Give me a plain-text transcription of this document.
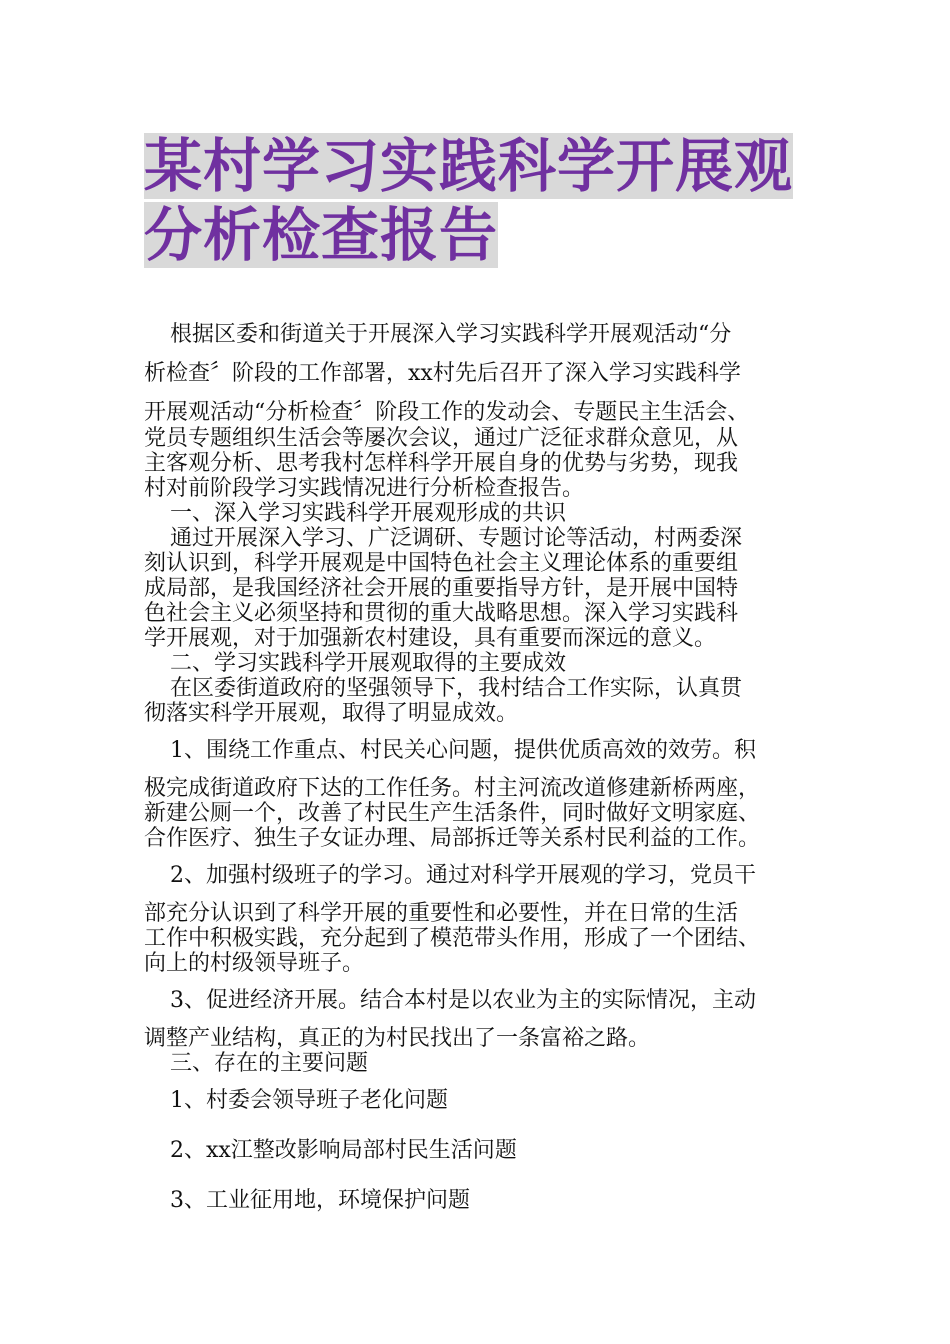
某村学习实践科学开展观
分析检查报告
根据区委和街道关于开展深入学习实践科学开展观活动“分
析检查〞阶段的工作部署，xx村先后召开了深入学习实践科学
开展观活动“分析检查〞阶段工作的发动会、专题民主生活会、
党员专题组织生活会等屡次会议，通过广泛征求群众意见，从
主客观分析、思考我村怎样科学开展自身的优势与劣势，现我
村对前阶段学习实践情况进行分析检查报告。
一、深入学习实践科学开展观形成的共识
通过开展深入学习、广泛调研、专题讨论等活动，村两委深
刻认识到，科学开展观是中国特色社会主义理论体系的重要组
成局部，是我国经济社会开展的重要指导方针，是开展中国特
色社会主义必须坚持和贯彻的重大战略思想。深入学习实践科
学开展观，对于加强新农村建设，具有重要而深远的意义。
二、学习实践科学开展观取得的主要成效
在区委街道政府的坚强领导下，我村结合工作实际，认真贯
彻落实科学开展观，取得了明显成效。
1、围绕工作重点、村民关心问题，提供优质高效的效劳。积
极完成街道政府下达的工作任务。村主河流改道修建新桥两座，
新建公厕一个，改善了村民生产生活条件，同时做好文明家庭、
合作医疗、独生子女证办理、局部拆迁等关系村民利益的工作。
2、加强村级班子的学习。通过对科学开展观的学习，党员干
部充分认识到了科学开展的重要性和必要性，并在日常的生活
工作中积极实践，充分起到了模范带头作用，形成了一个团结、
向上的村级领导班子。
3、促进经济开展。结合本村是以农业为主的实际情况，主动
调整产业结构，真正的为村民找出了一条富裕之路。
三、存在的主要问题
1、村委会领导班子老化问题
2、xx江整改影响局部村民生活问题
3、工业征用地，环境保护问题
